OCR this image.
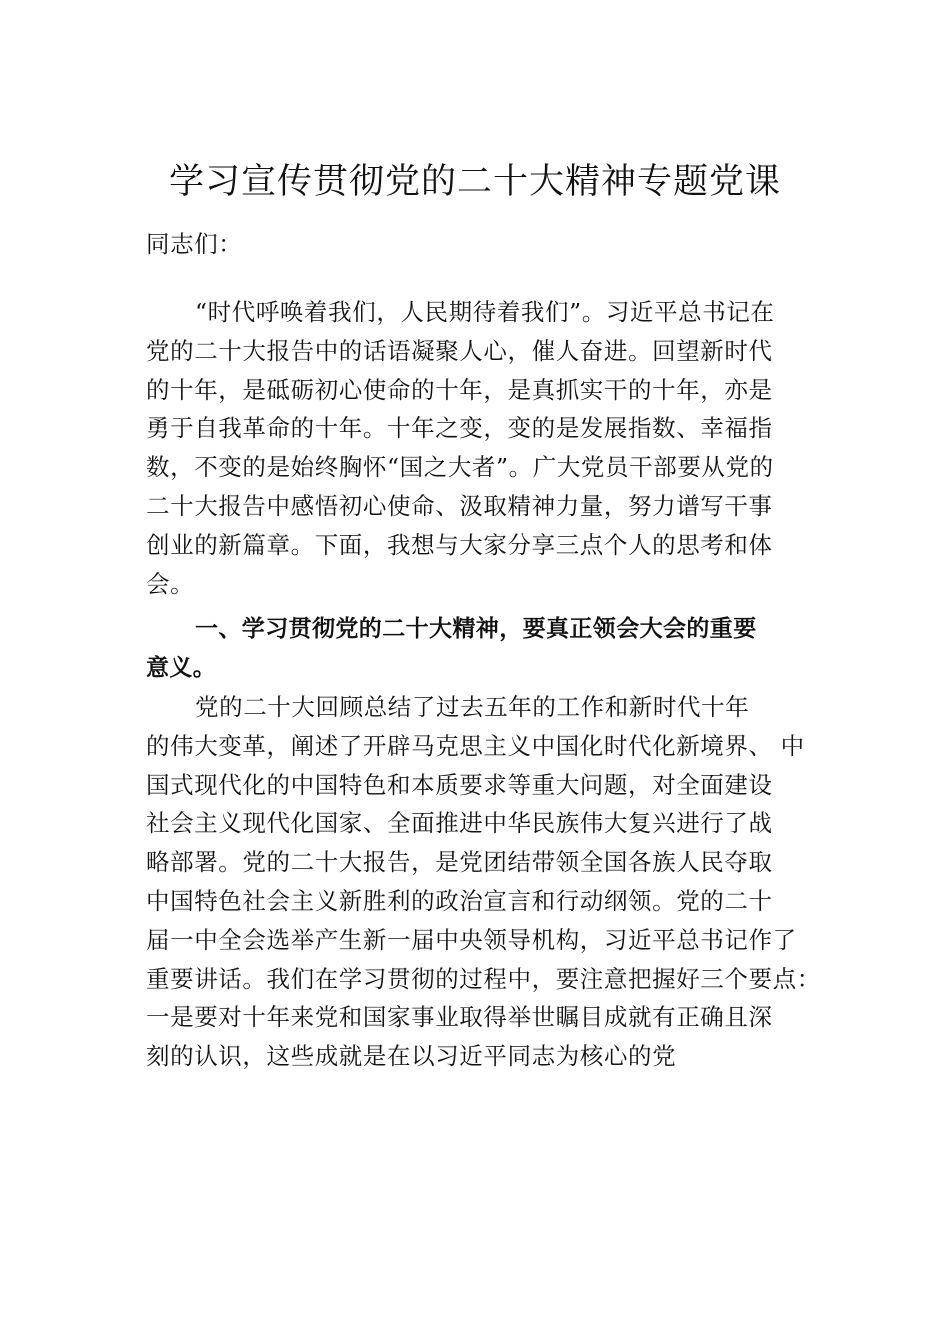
学习宣传贯彻党的二十大精神专题党课
同志们：
“时代呼唤着我们，人民期待着我们”。习近平总书记在
党的二十大报告中的话语凝聚人心，催人奋进。回望新时代
的十年，是砥砺初心使命的十年，是真抓实干的十年，亦是
勇于自我革命的十年。十年之变，变的是发展指数、幸福指
数，不变的是始终胸怀“国之大者”。广大党员干部要从党的
二十大报告中感悟初心使命、汲取精神力量，努力谱写干事
创业的新篇章。下面，我想与大家分享三点个人的思考和体
会。
一、学习贯彻党的二十大精神，要真正领会大会的重要
意义。
党的二十大回顾总结了过去五年的工作和新时代十年
的伟大变革，阐述了开辟马克思主义中国化时代化新境界、 中
国式现代化的中国特色和本质要求等重大问题，对全面建设
社会主义现代化国家、全面推进中华民族伟大复兴进行了战
略部署。党的二十大报告，是党团结带领全国各族人民夺取
中国特色社会主义新胜利的政治宣言和行动纲领。党的二十
届一中全会选举产生新一届中央领导机构，习近平总书记作了
重要讲话。我们在学习贯彻的过程中，要注意把握好三个要点：
一是要对十年来党和国家事业取得举世瞩目成就有正确且深
刻的认识，这些成就是在以习近平同志为核心的党
